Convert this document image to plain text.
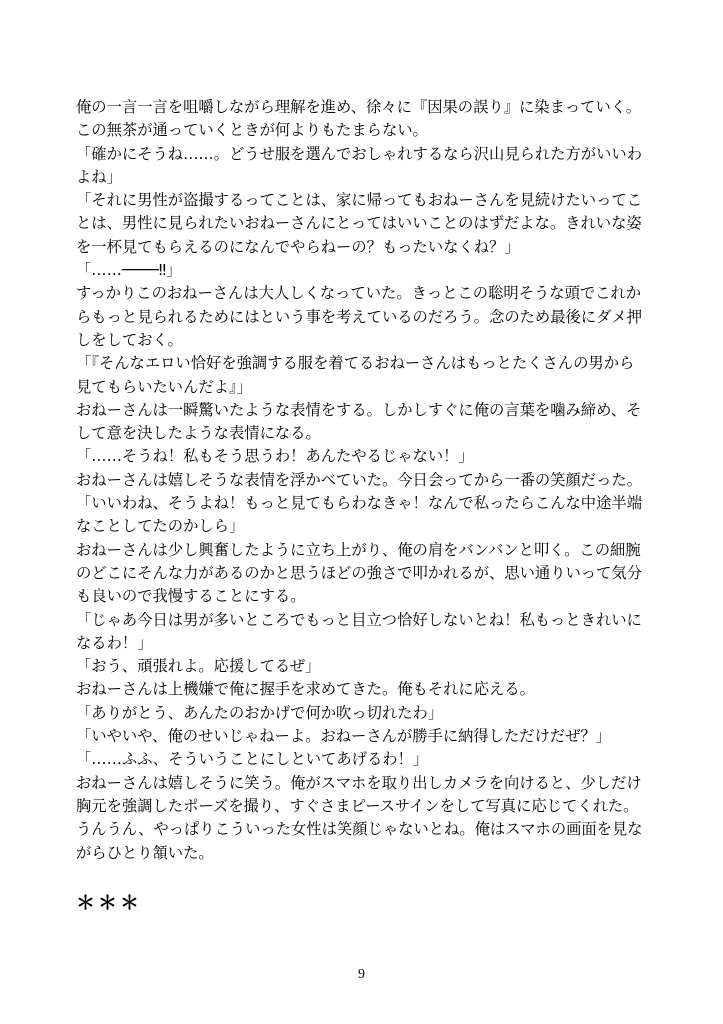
俺の一言一言を咀嚼しながら理解を進め、徐々に『因果の誤り』に染まっていく。
この無茶が通っていくときが何よりもたまらない。
「確かにそうね……。どうせ服を選んでおしゃれするなら沢山見られた方がいいわ
よね」
「それに男性が盗撮するってことは、家に帰ってもおねーさんを見続けたいってこ
とは、男性に見られたいおねーさんにとってはいいことのはずだよな。きれいな姿
を一杯見てもらえるのになんでやらねーの？もったいなくね？」
「……────‼」
すっかりこのおねーさんは大人しくなっていた。きっとこの聡明そうな頭でこれか
らもっと見られるためにはという事を考えているのだろう。念のため最後にダメ押
しをしておく。
「『そんなエロい恰好を強調する服を着てるおねーさんはもっとたくさんの男から
見てもらいたいんだよ』」
おねーさんは一瞬驚いたような表情をする。しかしすぐに俺の言葉を噛み締め、そ
して意を決したような表情になる。
「……そうね！私もそう思うわ！あんたやるじゃない！」
おねーさんは嬉しそうな表情を浮かべていた。今日会ってから一番の笑顔だった。
「いいわね、そうよね！もっと見てもらわなきゃ！なんで私ったらこんな中途半端
なことしてたのかしら」
おねーさんは少し興奮したように立ち上がり、俺の肩をバンバンと叩く。この細腕
のどこにそんな力があるのかと思うほどの強さで叩かれるが、思い通りいって気分
も良いので我慢することにする。
「じゃあ今日は男が多いところでもっと目立つ恰好しないとね！私もっときれいに
なるわ！」
「おう、頑張れよ。応援してるぜ」
おねーさんは上機嫌で俺に握手を求めてきた。俺もそれに応える。
「ありがとう、あんたのおかげで何か吹っ切れたわ」
「いやいや、俺のせいじゃねーよ。おねーさんが勝手に納得しただけだぜ？」
「……ふふ、そういうことにしといてあげるわ！」
おねーさんは嬉しそうに笑う。俺がスマホを取り出しカメラを向けると、少しだけ
胸元を強調したポーズを撮り、すぐさまピースサインをして写真に応じてくれた。
うんうん、やっぱりこういった女性は笑顔じゃないとね。俺はスマホの画面を見な
がらひとり頷いた。
＊＊＊
9
